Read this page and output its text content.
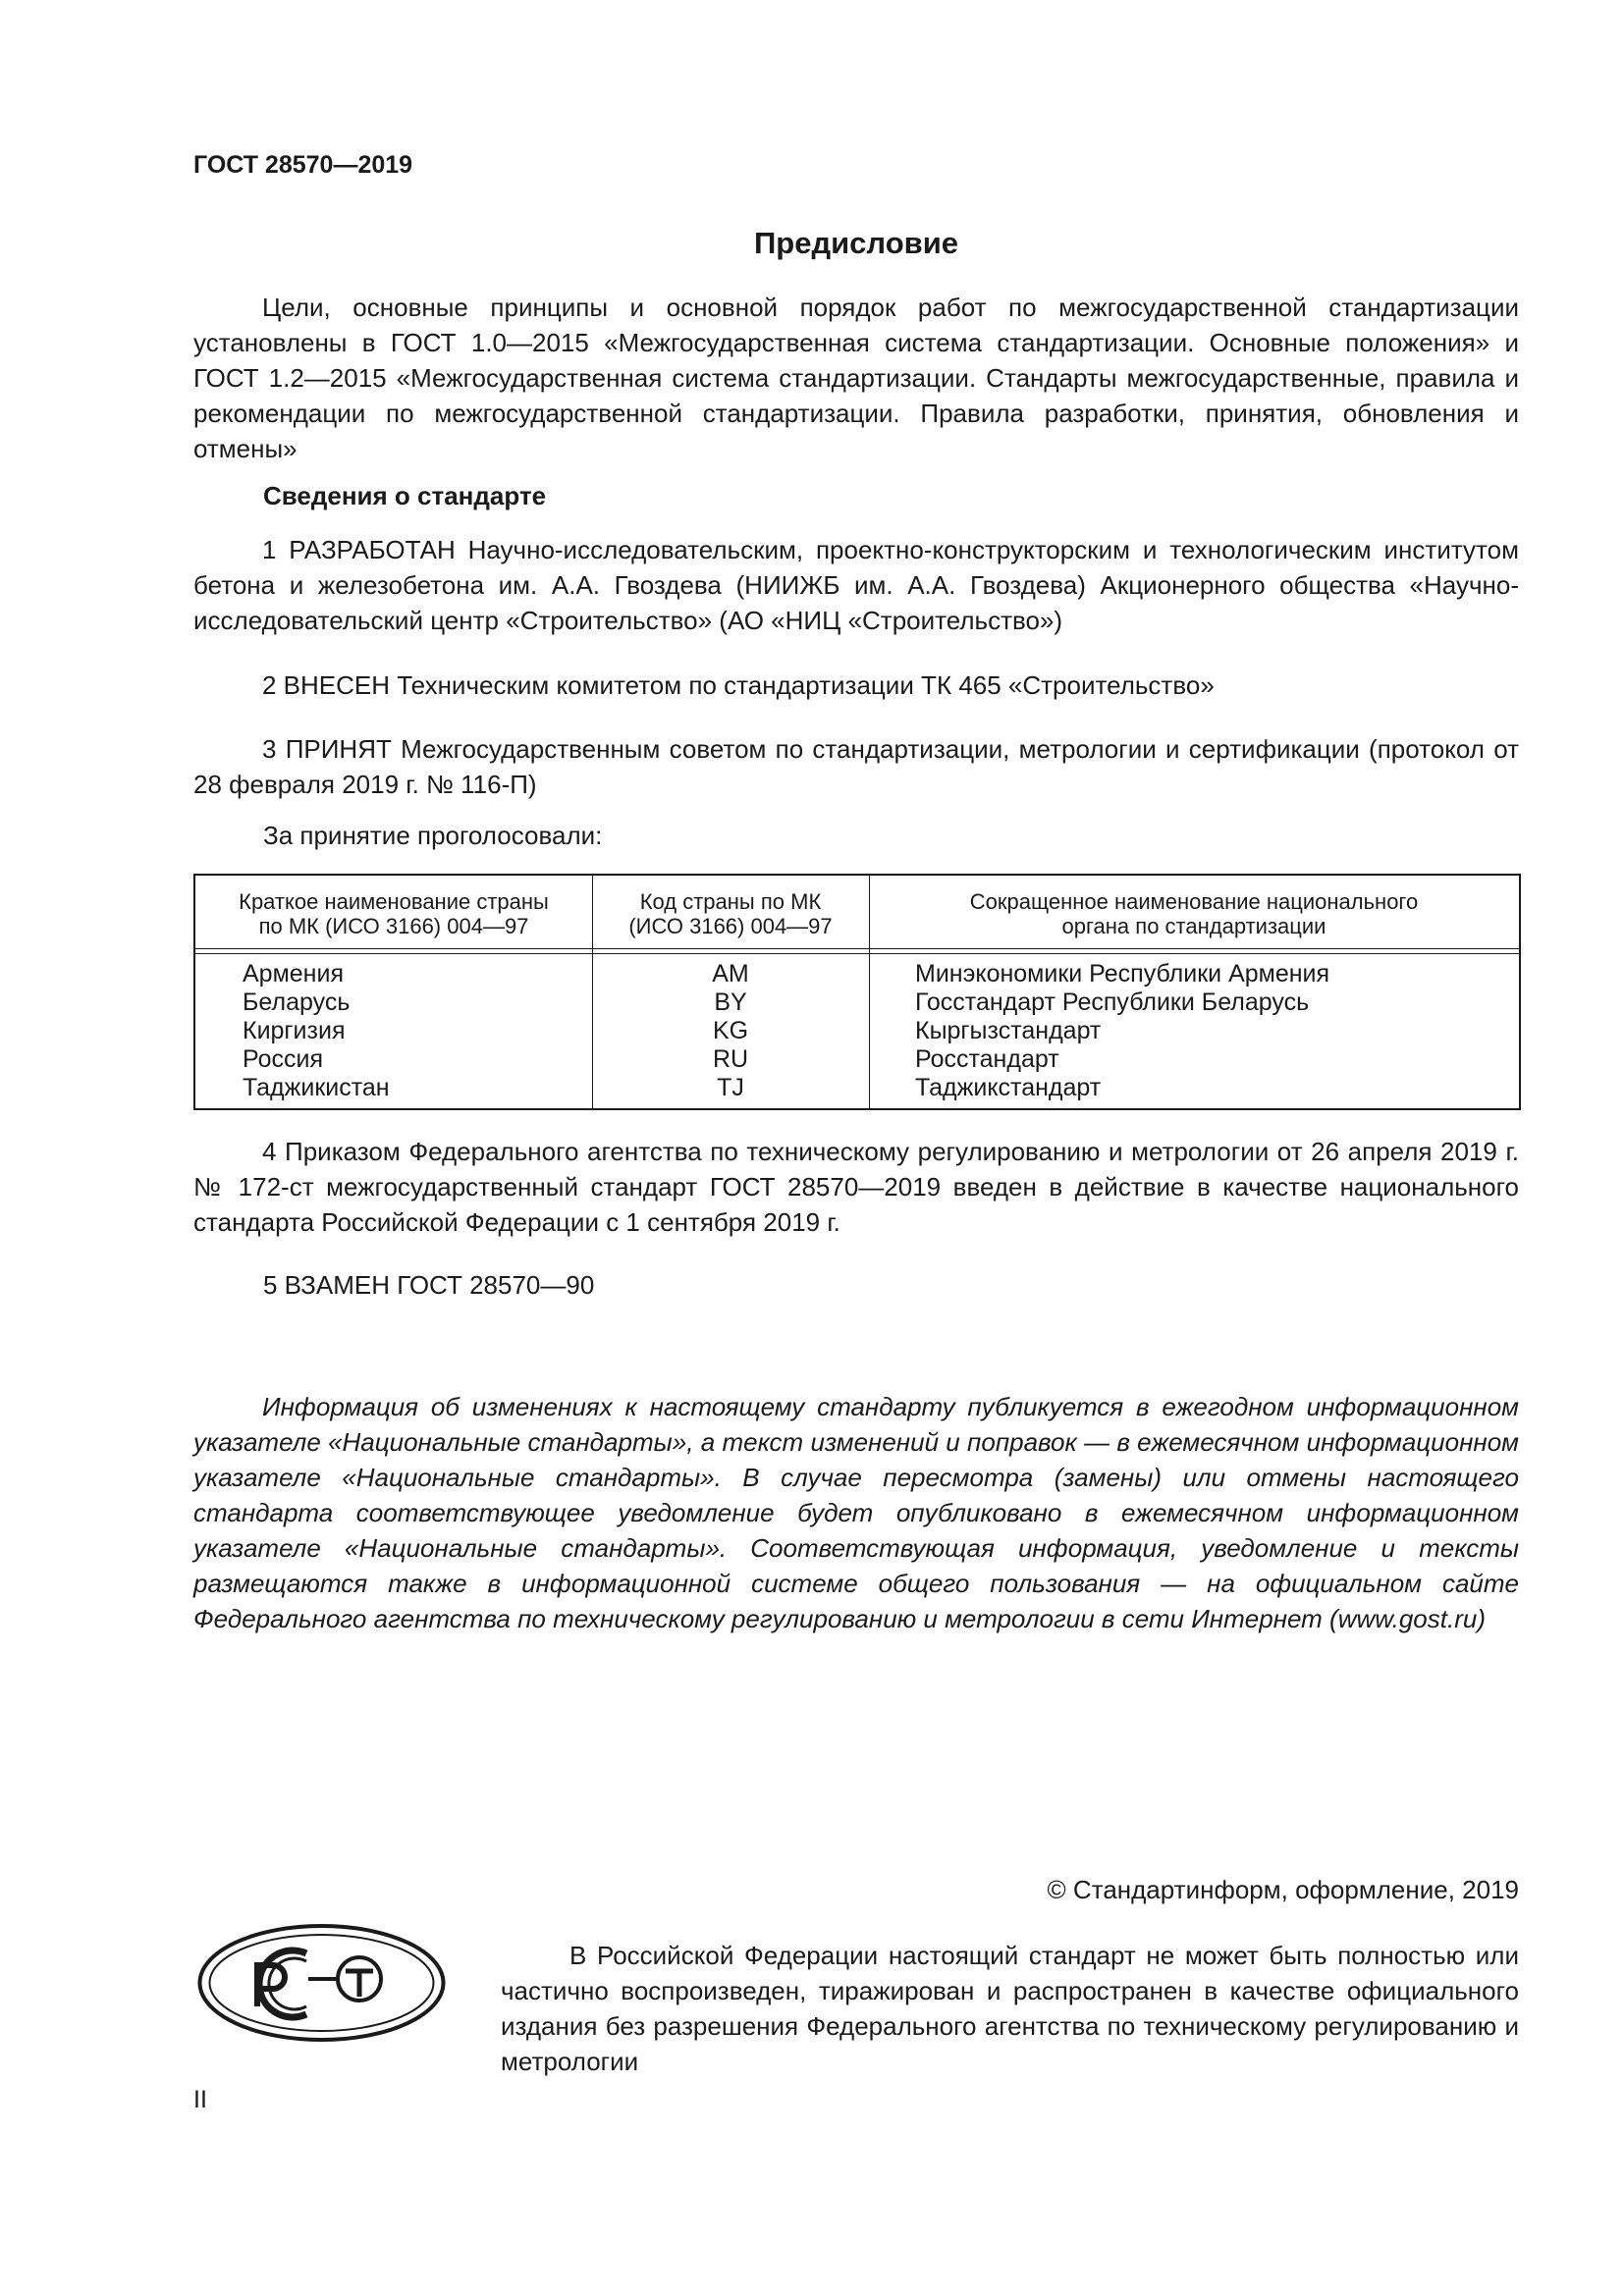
ГОСТ 28570—2019
Предисловие
Цели, основные принципы и основной порядок работ по межгосударственной стандартизации установлены в ГОСТ 1.0—2015 «Межгосударственная система стандартизации. Основные положения» и ГОСТ 1.2—2015 «Межгосударственная система стандартизации. Стандарты межгосударственные, правила и рекомендации по межгосударственной стандартизации. Правила разработки, принятия, обновления и отмены»
Сведения о стандарте
1 РАЗРАБОТАН Научно-исследовательским, проектно-конструкторским и технологическим институтом бетона и железобетона им. А.А. Гвоздева (НИИЖБ им. А.А. Гвоздева) Акционерного общества «Научно-исследовательский центр «Строительство» (АО «НИЦ «Строительство»)
2 ВНЕСЕН Техническим комитетом по стандартизации ТК 465 «Строительство»
3 ПРИНЯТ Межгосударственным советом по стандартизации, метрологии и сертификации (протокол от 28 февраля 2019 г. № 116-П)
За принятие проголосовали:
Краткое наименование страны по МК (ИСО 3166) 004—97
Код страны по МК (ИСО 3166) 004—97
Сокращенное наименование национального органа по стандартизации
Армения
Беларусь
Киргизия
Россия
Таджикистан
AM
BY
KG
RU
TJ
Минэкономики Республики Армения
Госстандарт Республики Беларусь
Кыргызстандарт
Росстандарт
Таджикстандарт
4 Приказом Федерального агентства по техническому регулированию и метрологии от 26 апреля 2019 г. № 172-ст межгосударственный стандарт ГОСТ 28570—2019 введен в действие в качестве национального стандарта Российской Федерации с 1 сентября 2019 г.
5 ВЗАМЕН ГОСТ 28570—90
Информация об изменениях к настоящему стандарту публикуется в ежегодном информационном указателе «Национальные стандарты», а текст изменений и поправок — в ежемесячном информационном указателе «Национальные стандарты». В случае пересмотра (замены) или отмены настоящего стандарта соответствующее уведомление будет опубликовано в ежемесячном информационном указателе «Национальные стандарты». Соответствующая информация, уведомление и тексты размещаются также в информационной системе общего пользования — на официальном сайте Федерального агентства по техническому регулированию и метрологии в сети Интернет (www.gost.ru)
© Стандартинформ, оформление, 2019
В Российской Федерации настоящий стандарт не может быть полностью или частично воспроизведен, тиражирован и распространен в качестве официального издания без разрешения Федерального агентства по техническому регулированию и метрологии
II
